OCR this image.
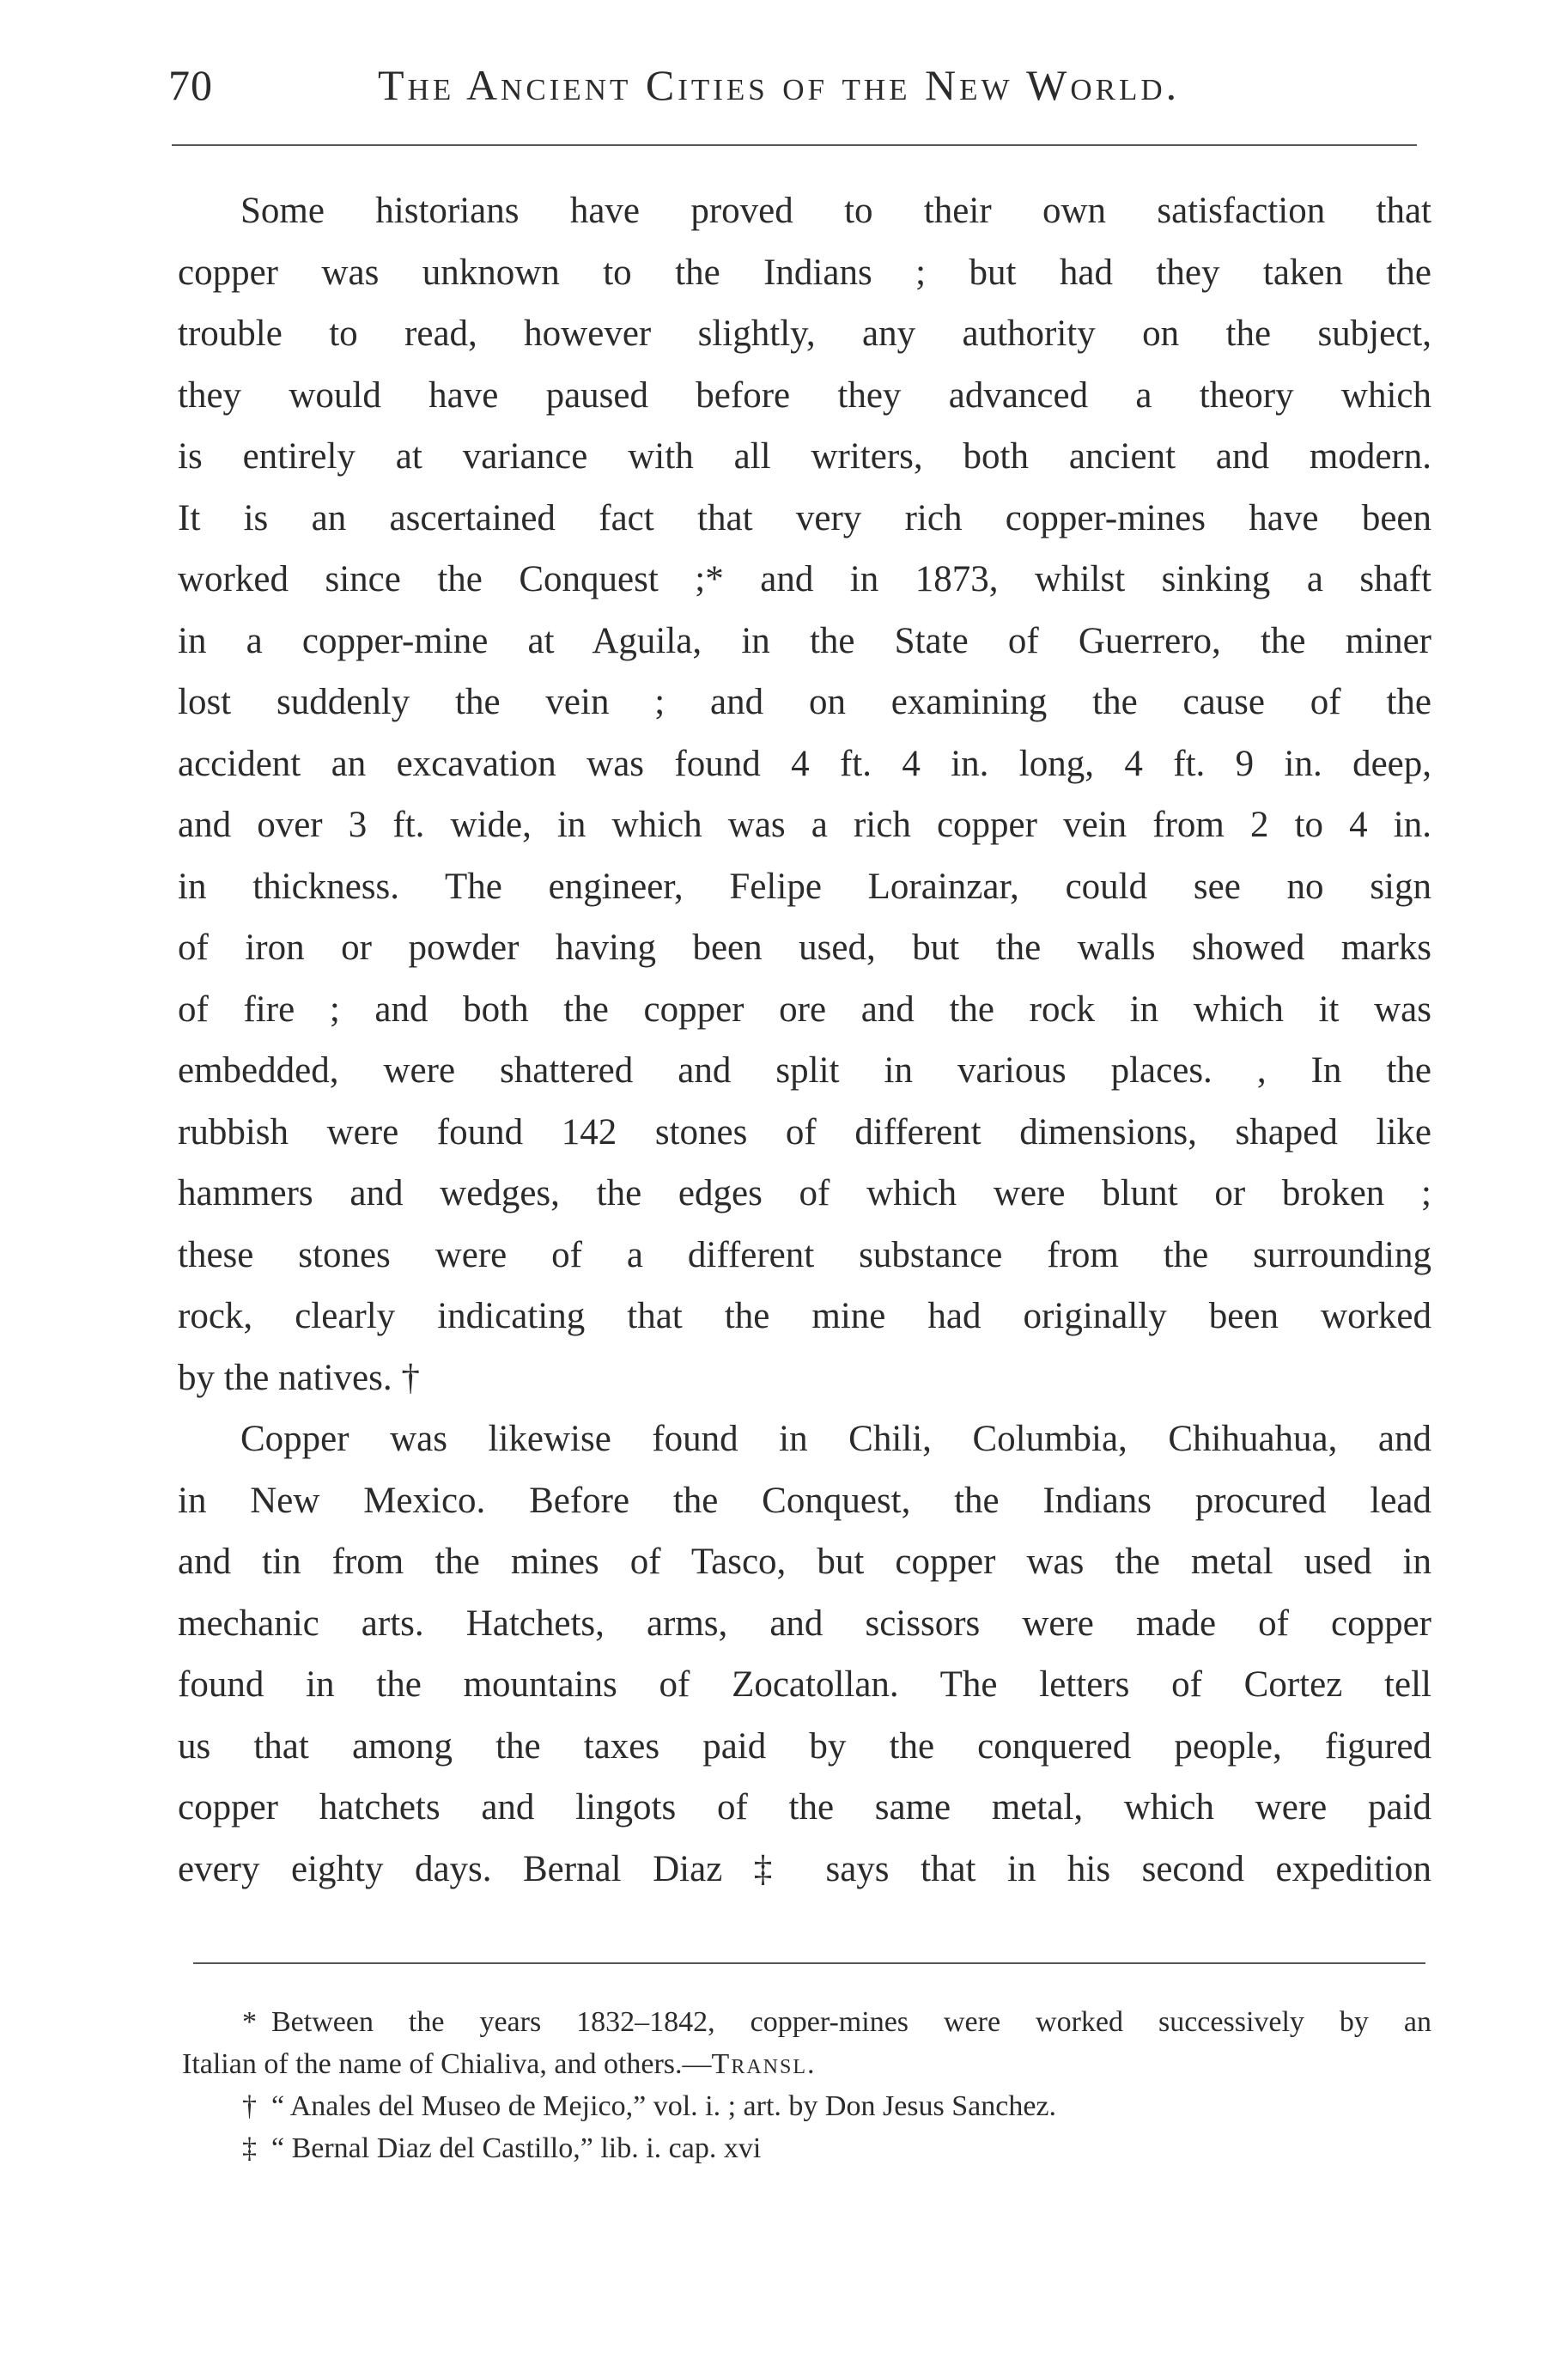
70	The Ancient Cities of the New World.
Some historians have proved to their own satisfaction that
copper was unknown to the Indians ; but had they taken the
trouble to read, however slightly, any authority on the subject,
they would have paused before they advanced a theory which
is entirely at variance with all writers, both ancient and modern.
It is an ascertained fact that very rich copper-mines have been
worked since the Conquest ;* and in 1873, whilst sinking a shaft
in a copper-mine at Aguila, in the State of Guerrero, the miner
lost suddenly the vein ; and on examining the cause of the
accident an excavation was found 4 ft. 4 in. long, 4 ft. 9 in. deep,
and over 3 ft. wide, in which was a rich copper vein from 2 to 4 in.
in thickness. The engineer, Felipe Lorainzar, could see no sign
of iron or powder having been used, but the walls showed marks
of fire ; and both the copper ore and the rock in which it was
embedded, were shattered and split in various places. , In the
rubbish were found 142 stones of different dimensions, shaped like
hammers and wedges, the edges of which were blunt or broken ;
these stones were of a different substance from the surrounding
rock, clearly indicating that the mine had originally been worked
by the natives. †
Copper was likewise found in Chili, Columbia, Chihuahua, and
in New Mexico. Before the Conquest, the Indians procured lead
and tin from the mines of Tasco, but copper was the metal used in
mechanic arts. Hatchets, arms, and scissors were made of copper
found in the mountains of Zocatollan. The letters of Cortez tell
us that among the taxes paid by the conquered people, figured
copper hatchets and lingots of the same metal, which were paid
every eighty days. Bernal Diaz ‡ says that in his second expedition
* Between the years 1832–1842, copper-mines were worked successively by an
Italian of the name of Chialiva, and others.—Transl.
† “ Anales del Museo de Mejico,” vol. i. ; art. by Don Jesus Sanchez.
‡ “ Bernal Diaz del Castillo,” lib. i. cap. xvi
